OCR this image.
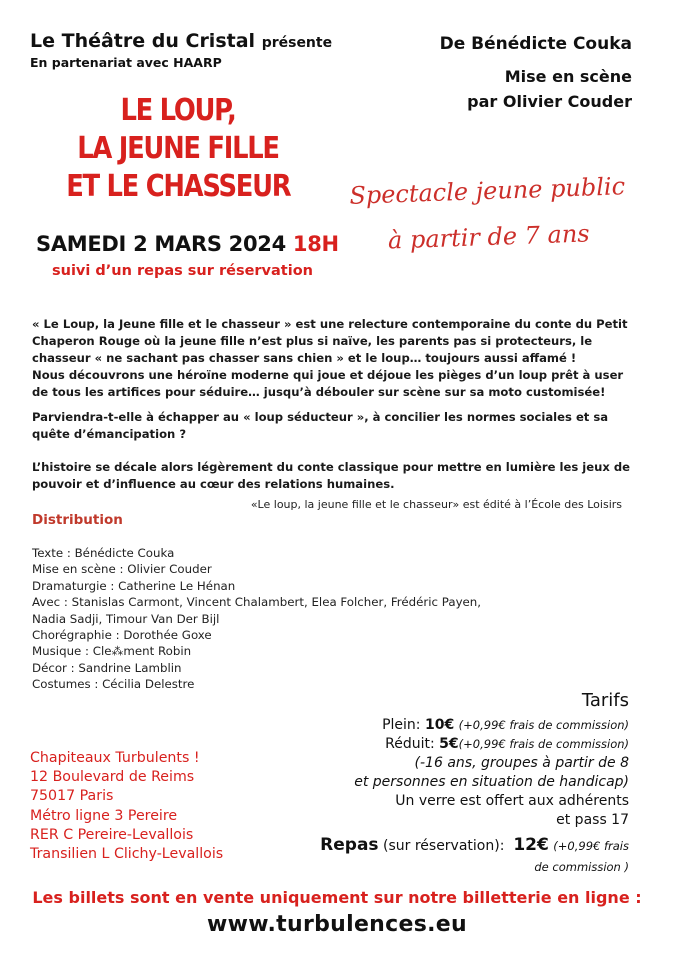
Le Théâtre du Cristal présente
En partenariat avec HAARP
De Bénédicte Couka
Mise en scène
par Olivier Couder
LE LOUP,
LA JEUNE FILLE
ET LE CHASSEUR	Spectacle jeune public
à partir de 7 ans
SAMEDI 2 MARS 2024 18H
suivi d’un repas sur réservation

« Le Loup, la Jeune fille et le chasseur » est une relecture contemporaine du conte du Petit Chaperon Rouge où la jeune fille n’est plus si naïve, les parents pas si protecteurs, le chasseur « ne sachant pas chasser sans chien » et le loup… toujours aussi affamé !

Nous découvrons une héroïne moderne qui joue et déjoue les pièges d’un loup prêt à user de tous les artifices pour séduire… jusqu’à débouler sur scène sur sa moto customisée!

Parviendra-t-elle à échapper au « loup séducteur », à concilier les normes sociales et sa quête d’émancipation ?

L’histoire se décale alors légèrement du conte classique pour mettre en lumière les jeux de pouvoir et d’influence au cœur des relations humaines.

«Le loup, la jeune fille et le chasseur» est édité à l’École des Loisirs
Distribution
Texte : Bénédicte Couka
Mise en scène : Olivier Couder
Dramaturgie : Catherine Le Hénan
Avec : Stanislas Carmont, Vincent Chalambert, Elea Folcher, Frédéric Payen,
Nadia Sadji, Timour Van Der Bijl
Chorégraphie : Dorothée Goxe
Musique : Cle⁂ment Robin
Décor : Sandrine Lamblin
Costumes : Cécilia Delestre
Tarifs
Plein: 10€ (+0,99€ frais de commission)
Réduit: 5€(+0,99€ frais de commission)
(-16 ans, groupes à partir de 8
et personnes en situation de handicap)
Un verre est offert aux adhérents
et pass 17
Repas (sur réservation): 12€ (+0,99€ frais
de commission )
Chapiteaux Turbulents !
12 Boulevard de Reims
75017 Paris
Métro ligne 3 Pereire
RER C Pereire-Levallois
Transilien L Clichy-Levallois
Les billets sont en vente uniquement sur notre billetterie en ligne :
www.turbulences.eu
